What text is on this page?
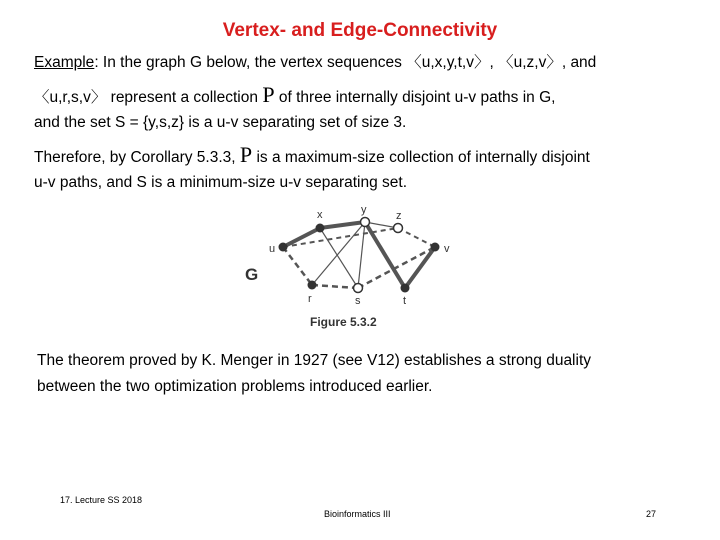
Vertex- and Edge-Connectivity
Example: In the graph G below, the vertex sequences 〈u,x,y,t,v〉, 〈u,z,v〉, and
〈u,r,s,v〉 represent a collection P of three internally disjoint u-v paths in G,
and the set S = {y,s,z} is a u-v separating set of size 3.
Therefore, by Corollary 5.3.3, P is a maximum-size collection of internally disjoint
u-v paths, and S is a minimum-size u-v separating set.
x	y	z
u	v
r	s	t
G
Figure 5.3.2
The theorem proved by K. Menger in 1927 (see V12) establishes a strong duality
between the two optimization problems introduced earlier.
17. Lecture SS 2018
Bioinformatics III	27
